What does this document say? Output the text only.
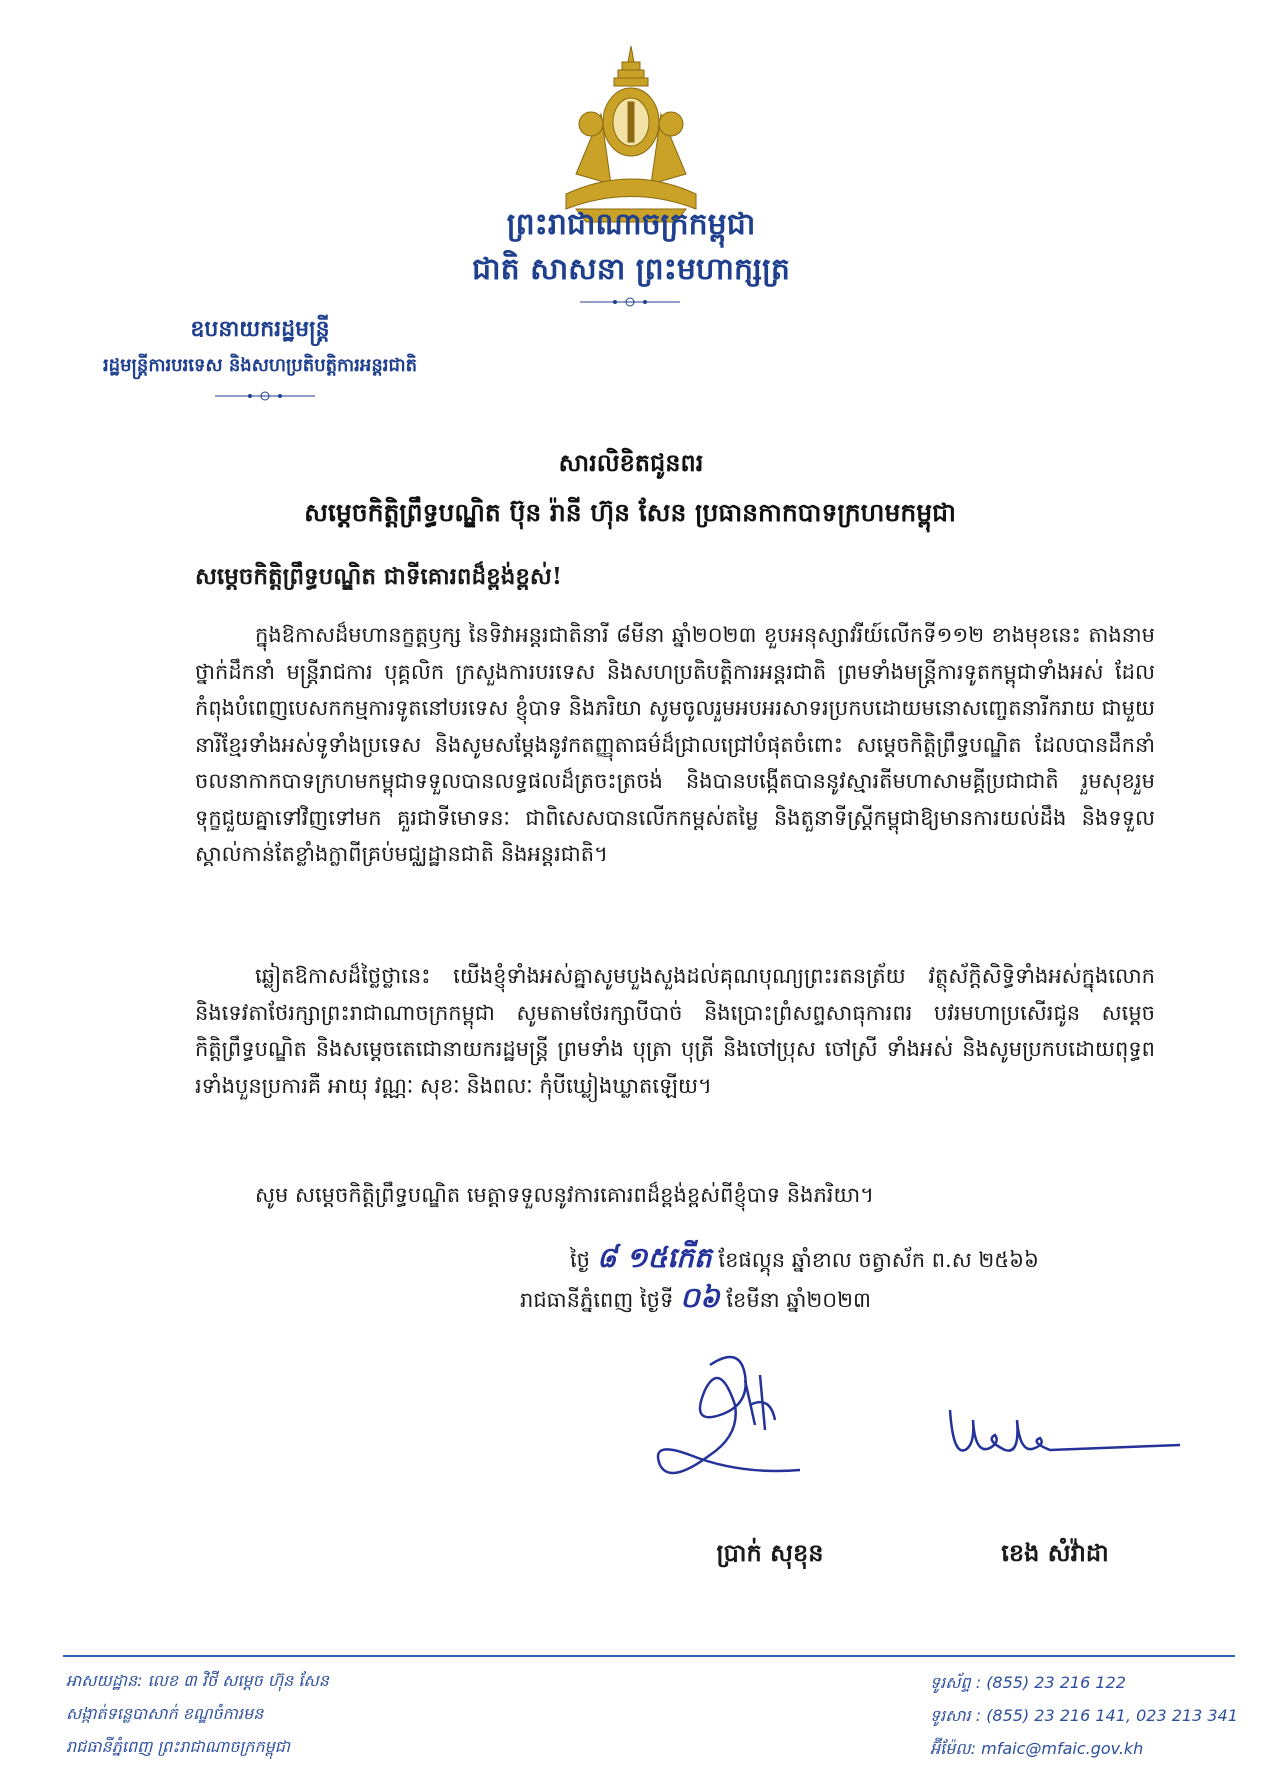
ព្រះរាជាណាចក្រកម្ពុជា
ជាតិ សាសនា ព្រះមហាក្សត្រ
ឧបនាយករដ្ឋមន្ត្រី
រដ្ឋមន្ត្រីការបរទេស និងសហប្រតិបត្តិការអន្តរជាតិ
សារលិខិតជូនពរ
សម្តេចកិត្តិព្រឹទ្ធបណ្ឌិត ប៊ុន រ៉ានី ហ៊ុន សែន ប្រធានកាកបាទក្រហមកម្ពុជា
សម្តេចកិត្តិព្រឹទ្ធបណ្ឌិត ជាទីគោរពដ៏ខ្ពង់ខ្ពស់!
ក្នុងឱកាសដ៏មហានក្ខត្តឫក្ស នៃទិវាអន្តរជាតិនារី ៨មីនា ឆ្នាំ២០២៣ ខួបអនុស្សាវរីយ៍លើកទី១១២ ខាងមុខនេះ តាងនាមថ្នាក់ដឹកនាំ មន្ត្រីរាជការ បុគ្គលិក ក្រសួងការបរទេស និងសហប្រតិបត្តិការអន្តរជាតិ ព្រមទាំងមន្ត្រីការទូតកម្ពុជាទាំងអស់ ដែលកំពុងបំពេញបេសកកម្មការទូតនៅបរទេស ខ្ញុំបាទ និងភរិយា សូមចូលរួមអបអរសាទរប្រកបដោយមនោសញ្ចេតនារីករាយ ជាមួយនារីខ្មែរទាំងអស់ទូទាំងប្រទេស និងសូមសម្តែងនូវកតញ្ញុតាធម៌ដ៏ជ្រាលជ្រៅបំផុតចំពោះ សម្តេចកិត្តិព្រឹទ្ធបណ្ឌិត ដែលបានដឹកនាំចលនាកាកបាទក្រហមកម្ពុជាទទួលបានលទ្ធផលដ៏ត្រចះត្រចង់ និងបានបង្កើតបាននូវស្មារតីមហាសាមគ្គីប្រជាជាតិ រួមសុខរួមទុក្ខជួយគ្នាទៅវិញទៅមក គួរជាទីមោទនៈ ជាពិសេសបានលើកកម្ពស់តម្លៃ និងតួនាទីស្ត្រីកម្ពុជាឱ្យមានការយល់ដឹង និងទទួលស្គាល់កាន់តែខ្លាំងក្លាពីគ្រប់មជ្ឈដ្ឋានជាតិ និងអន្តរជាតិ។
ឆ្លៀតឱកាសដ៏ថ្លៃថ្លានេះ យើងខ្ញុំទាំងអស់គ្នាសូមបួងសួងដល់គុណបុណ្យព្រះរតនត្រ័យ វត្ថុស័ក្តិសិទ្ធិទាំងអស់ក្នុងលោក និងទេវតាថែរក្សាព្រះរាជាណាចក្រកម្ពុជា សូមតាមថែរក្សាបីបាច់ និងប្រោះព្រំសព្ទសាធុការពរ បវរមហាប្រសើរជូន សម្តេចកិត្តិព្រឹទ្ធបណ្ឌិត និងសម្តេចតេជោនាយករដ្ឋមន្ត្រី ព្រមទាំង បុត្រា បុត្រី និងចៅប្រុស ចៅស្រី ទាំងអស់ និងសូមប្រកបដោយពុទ្ធពរទាំងបួនប្រការគឺ អាយុ វណ្ណៈ សុខៈ និងពលៈ កុំបីឃ្លៀងឃ្លាតឡើយ។
សូម សម្តេចកិត្តិព្រឹទ្ធបណ្ឌិត មេត្តាទទួលនូវការគោរពដ៏ខ្ពង់ខ្ពស់ពីខ្ញុំបាទ និងភរិយា។
ថ្ងៃ ៨ ១៥កើត ខែផល្គុន ឆ្នាំខាល ចត្វាស័ក ព.ស ២៥៦៦
រាជធានីភ្នំពេញ ថ្ងៃទី ០៦ ខែមីនា ឆ្នាំ២០២៣
ប្រាក់ សុខុន	ខេង សំវ៉ាដា
អាសយដ្ឋាន: លេខ ៣ វិថី សម្តេច ហ៊ុន សែន
សង្កាត់ទន្លេបាសាក់ ខណ្ឌចំការមន
រាជធានីភ្នំពេញ ព្រះរាជាណាចក្រកម្ពុជា
ទូរស័ព្ទ : (855) 23 216 122
ទូរសារ : (855) 23 216 141, 023 213 341
អ៊ីម៉ែល: mfaic@mfaic.gov.kh
